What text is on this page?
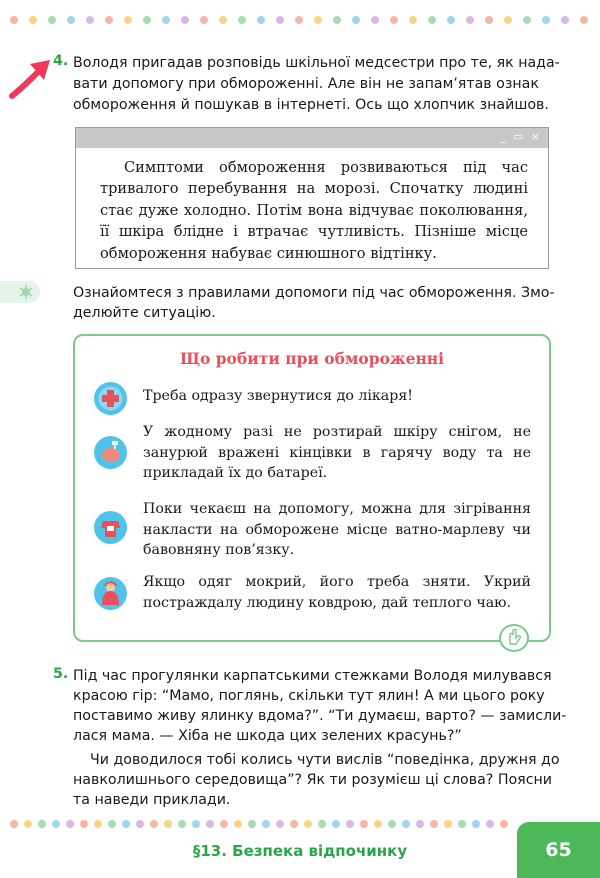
4. Володя пригадав розповідь шкільної медсестри про те, як нада-
вати допомогу при обмороженні. Але він не запам’ятав ознак
обмороження й пошукав в інтернеті. Ось що хлопчик знайшов.
_ ▭ ×
Симптоми обмороження розвиваються під час тривалого перебування на морозі. Спочатку людині стає дуже холодно. Потім вона відчуває поколювання, її шкіра блідне і втрачає чутливість. Пізніше місце обмороження набуває синюшного відтінку.
Ознайомтеся з правилами допомоги під час обмороження. Змо-
делюйте ситуацію.
Що робити при обмороженні
Треба одразу звернутися до лікаря!
У жодному разі не розтирай шкіру снігом, не занурюй вражені кінцівки в гарячу воду та не прикладай їх до батареї.
Поки чекаєш на допомогу, можна для зігрівання накласти на обморожене місце ватно-марлеву чи бавовняну пов’язку.
Якщо одяг мокрий, його треба зняти. Укрий постраждалу людину ковдрою, дай теплого чаю.
5. Під час прогулянки карпатськими стежками Володя милувався
красою гір: “Мамо, поглянь, скільки тут ялин! А ми цього року
поставимо живу ялинку вдома?”. “Ти думаєш, варто? — замисли-
лася мама. — Хіба не шкода цих зелених красунь?”
Чи доводилося тобі колись чути вислів “поведінка, дружня до
навколишнього середовища”? Як ти розумієш ці слова? Поясни
та наведи приклади.
§13. Безпека відпочинку	65
